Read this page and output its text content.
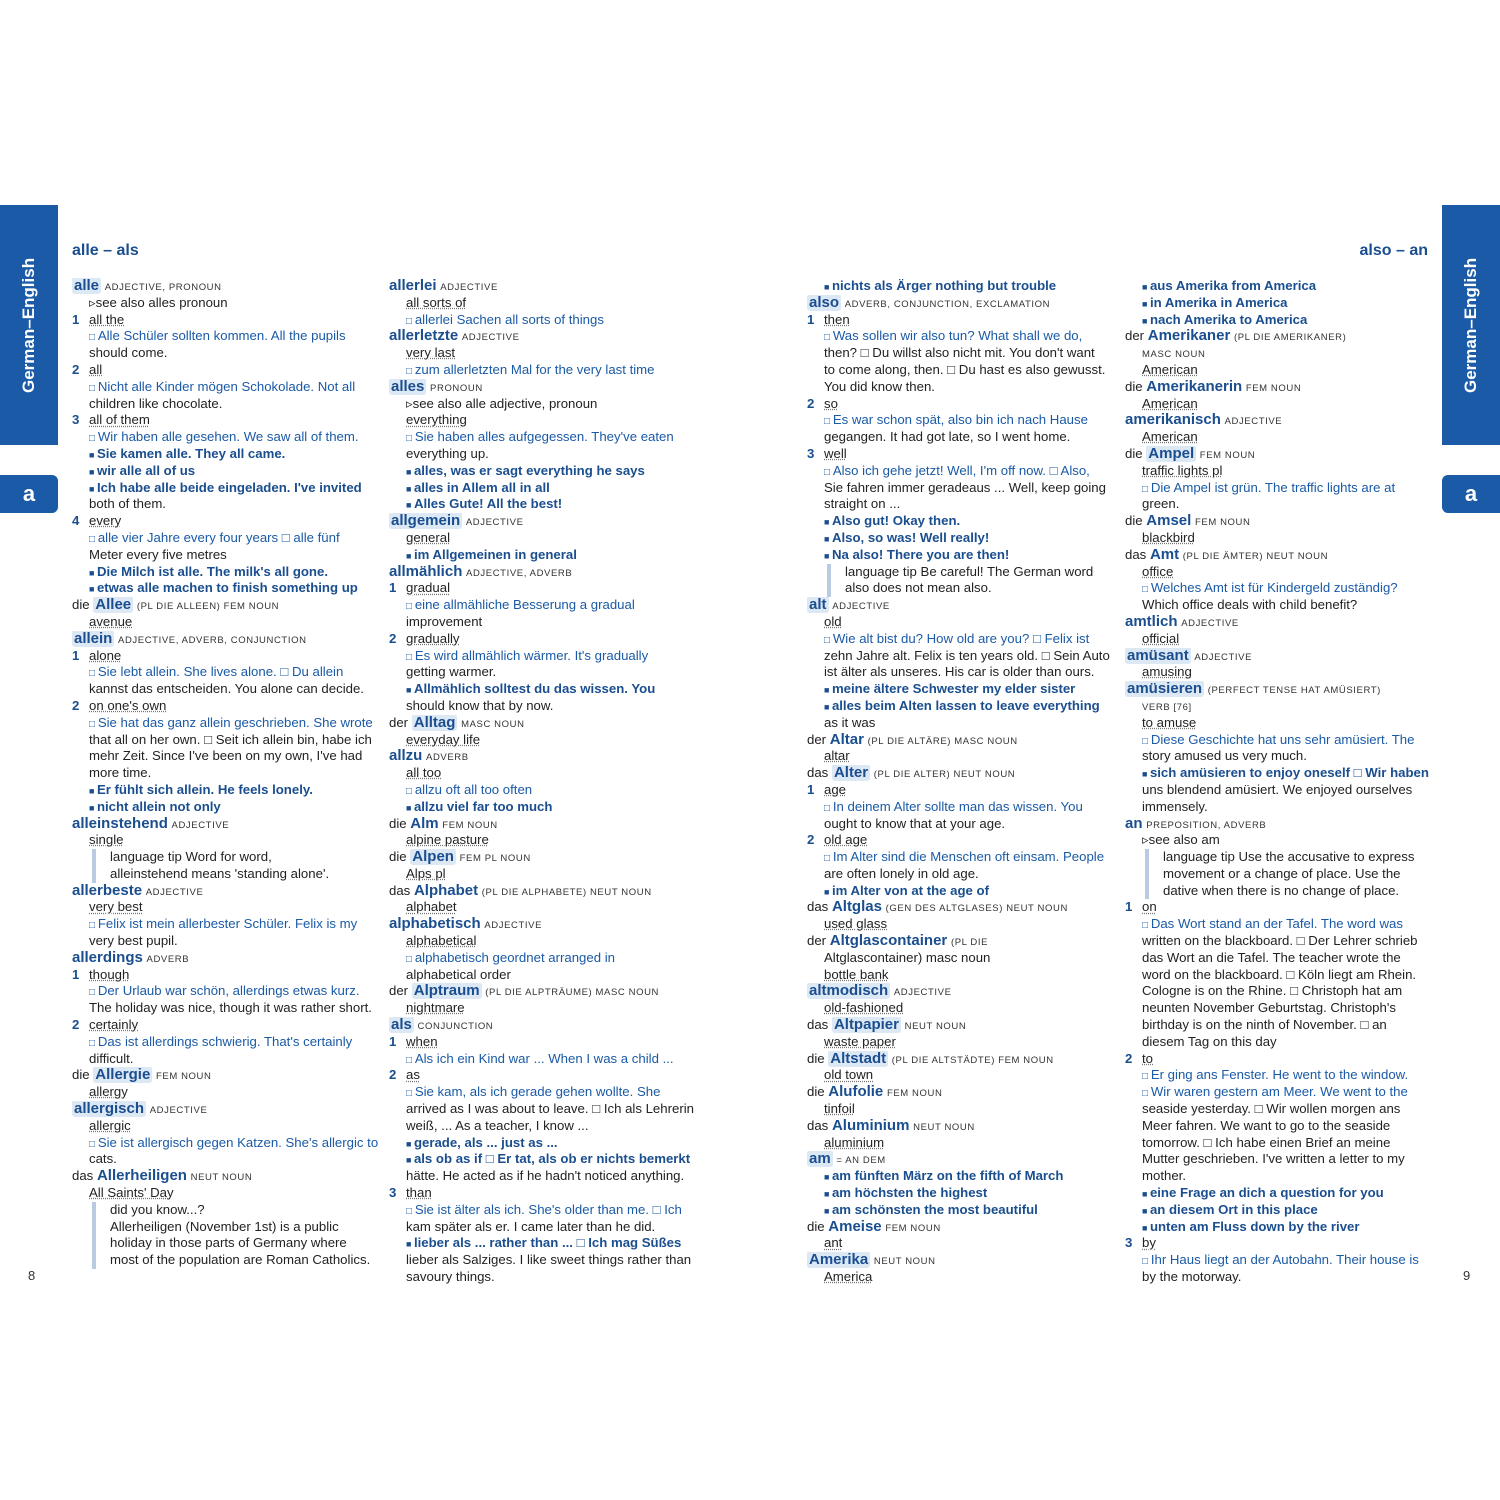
German–English
a
German–English
a
alle – als	also – an
8	9
alle ADJECTIVE, PRONOUN
▹see also alles pronoun
1 all the
□ Alle Schüler sollten kommen. All the pupils
should come.
2 all
□ Nicht alle Kinder mögen Schokolade. Not all
children like chocolate.
3 all of them
□ Wir haben alle gesehen. We saw all of them.
■ Sie kamen alle. They all came.
■ wir alle all of us
■ Ich habe alle beide eingeladen. I've invited
both of them.
4 every
□ alle vier Jahre every four years □ alle fünf
Meter every five metres
■ Die Milch ist alle. The milk's all gone.
■ etwas alle machen to finish something up
die Allee (PL DIE ALLEEN) FEM NOUN
avenue
allein ADJECTIVE, ADVERB, CONJUNCTION
1 alone
□ Sie lebt allein. She lives alone. □ Du allein
kannst das entscheiden. You alone can decide.
2 on one's own
□ Sie hat das ganz allein geschrieben. She wrote
that all on her own. □ Seit ich allein bin, habe ich
mehr Zeit. Since I've been on my own, I've had
more time.
■ Er fühlt sich allein. He feels lonely.
■ nicht allein not only
alleinstehend ADJECTIVE
single
language tip Word for word,
alleinstehend means 'standing alone'.
allerbeste ADJECTIVE
very best
□ Felix ist mein allerbester Schüler. Felix is my
very best pupil.
allerdings ADVERB
1 though
□ Der Urlaub war schön, allerdings etwas kurz.
The holiday was nice, though it was rather short.
2 certainly
□ Das ist allerdings schwierig. That's certainly
difficult.
die Allergie FEM NOUN
allergy
allergisch ADJECTIVE
allergic
□ Sie ist allergisch gegen Katzen. She's allergic to
cats.
das Allerheiligen NEUT NOUN
All Saints' Day
did you know...?
Allerheiligen (November 1st) is a public
holiday in those parts of Germany where
most of the population are Roman Catholics.
allerlei ADJECTIVE
all sorts of
□ allerlei Sachen all sorts of things
allerletzte ADJECTIVE
very last
□ zum allerletzten Mal for the very last time
alles PRONOUN
▹see also alle adjective, pronoun
everything
□ Sie haben alles aufgegessen. They've eaten
everything up.
■ alles, was er sagt everything he says
■ alles in Allem all in all
■ Alles Gute! All the best!
allgemein ADJECTIVE
general
■ im Allgemeinen in general
allmählich ADJECTIVE, ADVERB
1 gradual
□ eine allmähliche Besserung a gradual
improvement
2 gradually
□ Es wird allmählich wärmer. It's gradually
getting warmer.
■ Allmählich solltest du das wissen. You
should know that by now.
der Alltag MASC NOUN
everyday life
allzu ADVERB
all too
□ allzu oft all too often
■ allzu viel far too much
die Alm FEM NOUN
alpine pasture
die Alpen FEM PL NOUN
Alps pl
das Alphabet (PL DIE ALPHABETE) NEUT NOUN
alphabet
alphabetisch ADJECTIVE
alphabetical
□ alphabetisch geordnet arranged in
alphabetical order
der Alptraum (PL DIE ALPTRÄUME) MASC NOUN
nightmare
als CONJUNCTION
1 when
□ Als ich ein Kind war ... When I was a child ...
2 as
□ Sie kam, als ich gerade gehen wollte. She
arrived as I was about to leave. □ Ich als Lehrerin
weiß, ... As a teacher, I know ...
■ gerade, als ... just as ...
■ als ob as if □ Er tat, als ob er nichts bemerkt
hätte. He acted as if he hadn't noticed anything.
3 than
□ Sie ist älter als ich. She's older than me. □ Ich
kam später als er. I came later than he did.
■ lieber als ... rather than ... □ Ich mag Süßes
lieber als Salziges. I like sweet things rather than
savoury things.
■ nichts als Ärger nothing but trouble
also ADVERB, CONJUNCTION, EXCLAMATION
1 then
□ Was sollen wir also tun? What shall we do,
then? □ Du willst also nicht mit. You don't want
to come along, then. □ Du hast es also gewusst.
You did know then.
2 so
□ Es war schon spät, also bin ich nach Hause
gegangen. It had got late, so I went home.
3 well
□ Also ich gehe jetzt! Well, I'm off now. □ Also,
Sie fahren immer geradeaus ... Well, keep going
straight on ...
■ Also gut! Okay then.
■ Also, so was! Well really!
■ Na also! There you are then!
language tip Be careful! The German word
also does not mean also.
alt ADJECTIVE
old
□ Wie alt bist du? How old are you? □ Felix ist
zehn Jahre alt. Felix is ten years old. □ Sein Auto
ist älter als unseres. His car is older than ours.
■ meine ältere Schwester my elder sister
■ alles beim Alten lassen to leave everything
as it was
der Altar (PL DIE ALTÄRE) MASC NOUN
altar
das Alter (PL DIE ALTER) NEUT NOUN
1 age
□ In deinem Alter sollte man das wissen. You
ought to know that at your age.
2 old age
□ Im Alter sind die Menschen oft einsam. People
are often lonely in old age.
■ im Alter von at the age of
das Altglas (GEN DES ALTGLASES) NEUT NOUN
used glass
der Altglascontainer (PL DIE
Altglascontainer) masc noun
bottle bank
altmodisch ADJECTIVE
old-fashioned
das Altpapier NEUT NOUN
waste paper
die Altstadt (PL DIE ALTSTÄDTE) FEM NOUN
old town
die Alufolie FEM NOUN
tinfoil
das Aluminium NEUT NOUN
aluminium
am = AN DEM
■ am fünften März on the fifth of March
■ am höchsten the highest
■ am schönsten the most beautiful
die Ameise FEM NOUN
ant
Amerika NEUT NOUN
America
■ aus Amerika from America
■ in Amerika in America
■ nach Amerika to America
der Amerikaner (PL DIE AMERIKANER)
MASC NOUN
American
die Amerikanerin FEM NOUN
American
amerikanisch ADJECTIVE
American
die Ampel FEM NOUN
traffic lights pl
□ Die Ampel ist grün. The traffic lights are at
green.
die Amsel FEM NOUN
blackbird
das Amt (PL DIE ÄMTER) NEUT NOUN
office
□ Welches Amt ist für Kindergeld zuständig?
Which office deals with child benefit?
amtlich ADJECTIVE
official
amüsant ADJECTIVE
amusing
amüsieren (PERFECT TENSE HAT AMÜSIERT)
VERB [76]
to amuse
□ Diese Geschichte hat uns sehr amüsiert. The
story amused us very much.
■ sich amüsieren to enjoy oneself □ Wir haben
uns blendend amüsiert. We enjoyed ourselves
immensely.
an PREPOSITION, ADVERB
▹see also am
language tip Use the accusative to express
movement or a change of place. Use the
dative when there is no change of place.
1 on
□ Das Wort stand an der Tafel. The word was
written on the blackboard. □ Der Lehrer schrieb
das Wort an die Tafel. The teacher wrote the
word on the blackboard. □ Köln liegt am Rhein.
Cologne is on the Rhine. □ Christoph hat am
neunten November Geburtstag. Christoph's
birthday is on the ninth of November. □ an
diesem Tag on this day
2 to
□ Er ging ans Fenster. He went to the window.
□ Wir waren gestern am Meer. We went to the
seaside yesterday. □ Wir wollen morgen ans
Meer fahren. We want to go to the seaside
tomorrow. □ Ich habe einen Brief an meine
Mutter geschrieben. I've written a letter to my
mother.
■ eine Frage an dich a question for you
■ an diesem Ort in this place
■ unten am Fluss down by the river
3 by
□ Ihr Haus liegt an der Autobahn. Their house is
by the motorway.
